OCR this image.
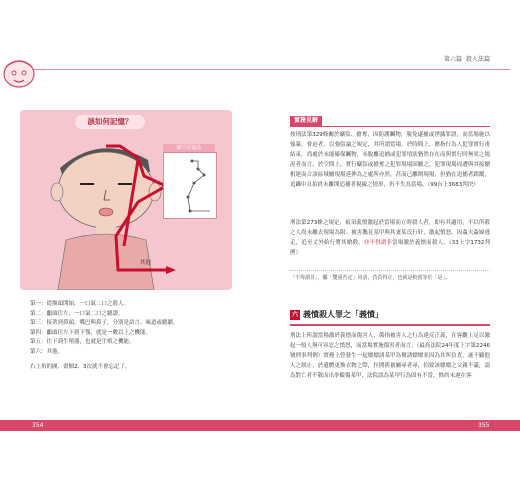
該如何記憶？
網頁記憶法
其他
第一：從額頭開始，一口氣二口之殺人。
第二：顱頭往左，一口氣二口之聽證。
第三：接著到鼻頭，嘴巴與鼻子，分別是語言、味道或聽聽。
第四：顱頭往左下到下顎，就是一數以上之機能。
第五：往下到生殖器，也就是生殖之機能。
第六：其他。
右上角的圖，畫個2、3次就不會忘記了。
第六篇 殺人法篇
實務見解
按刑法第329條關於竊盜、搶奪，因防護贓物，脫免逮捕或湮滅罪證，而當場施以強暴、脅迫者，以強盜論之規定，其所謂當場，於時間上，應指行為人犯罪實行甫結束，尚處於未能確保贓物，未脫離追捕或犯罪情狀猶然存在而與實行時無異之場況者而言，於空間上，實行竊盜或搶奪之犯罪現場固屬之，犯罪現場周遭與其接續相連而合該區域屬現場延伸為之處所亦然，甚而已離開現場，但猶在追捕者跟蹤，追躡中且拍終未離開追捕者視線之情形，仍不失為當場。（99台上3683判決）
刑法第273條之規定，祇須義憤激起於當場而立時殺人者，即有其適用，不以所殺之人尚未離去現場為限。被害攜見某甲與其妻某氏行奸，激起憤怒，因姦夫姦婦逃走，追至丈外始行將其槍殺，亦不得謂非當場激於義憤而殺人。（33上字1732判例）
「不得謂非」，屬「雙重否定」用語，負負得正，也就是較當等於「是」。
六 義憤殺人罪之「義憤」
刑法上所謂當場激於義憤而傷害人，係指被害人之行為違反正義，在客觀上足以激起一般人無可容忍之憤怒，而當場實施傷害者而言，（最高法院24年度上字第2246號刑事判例）實務上曾發生一起嫖嫖誘某甲為撥誘嫖嫖並因為其所負責，遂不顧他人之制止，於遺體更換衣物之際，拉開舊被屬尋者尋，招致該嫖嫖之父親不滿，認為對亡者不敬而出拳毆傷某甲，法院認為某甲行為固有不當，惟尚未違在客
354	355
